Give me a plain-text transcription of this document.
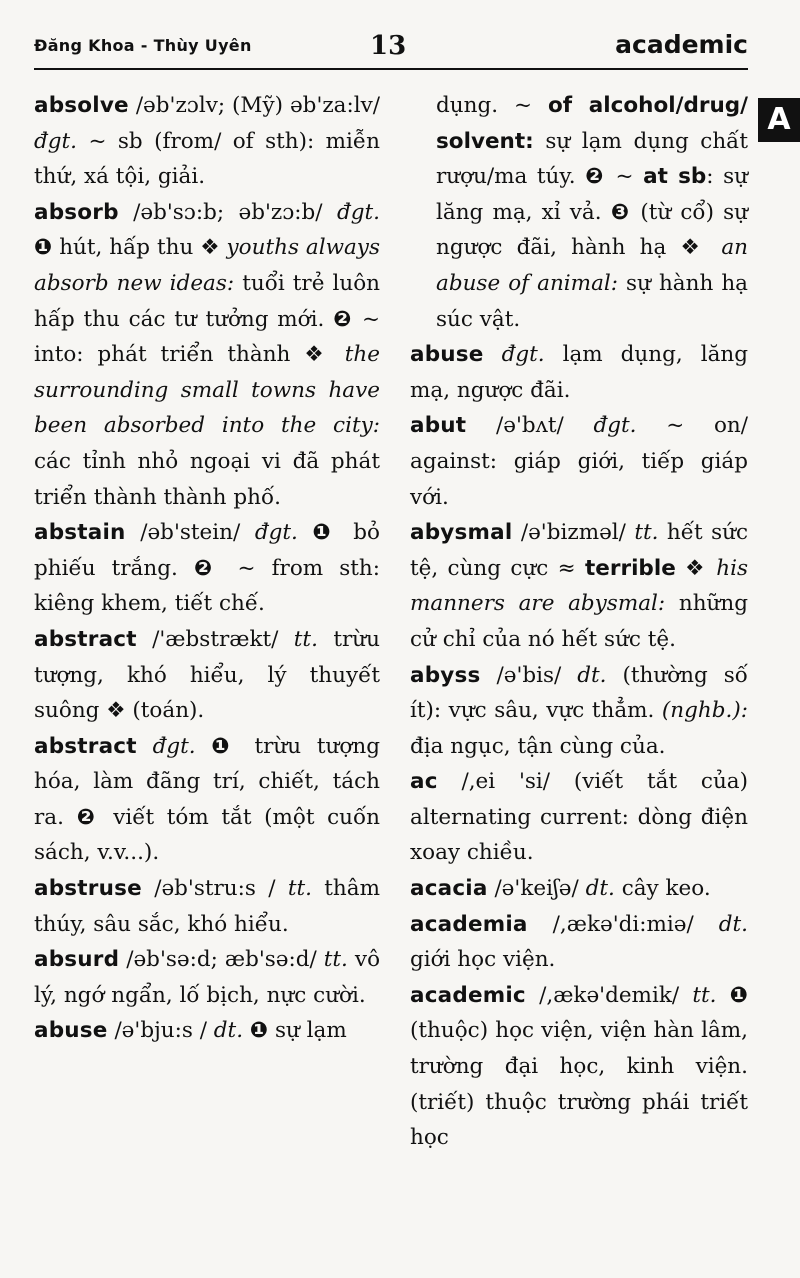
Đăng Khoa - Thùy Uyên	13	academic
A
absolve /əb'zɔlv; (Mỹ) əb'za:lv/ đgt. ~ sb (from/ of sth): miễn thứ, xá tội, giải.
absorb /əb'sɔ:b; əb'zɔ:b/ đgt. ❶ hút, hấp thu ❖ youths always absorb new ideas: tuổi trẻ luôn hấp thu các tư tưởng mới. ❷ ~ into: phát triển thành ❖ the surrounding small towns have been absorbed into the city: các tỉnh nhỏ ngoại vi đã phát triển thành thành phố.
abstain /əb'stein/ đgt. ❶ bỏ phiếu trắng. ❷ ~ from sth: kiêng khem, tiết chế.
abstract /'æbstrækt/ tt. trừu tượng, khó hiểu, lý thuyết suông ❖ (toán).
abstract đgt. ❶ trừu tượng hóa, làm đãng trí, chiết, tách ra. ❷ viết tóm tắt (một cuốn sách, v.v...).
abstruse /əb'stru:s / tt. thâm thúy, sâu sắc, khó hiểu.
absurd /əb'sə:d; æb'sə:d/ tt. vô lý, ngớ ngẩn, lố bịch, nực cười.
abuse /ə'bju:s / dt. ❶ sự lạm
dụng. ~ of alcohol/drug/ solvent: sự lạm dụng chất rượu/ma túy. ❷ ~ at sb: sự lăng mạ, xỉ vả. ❸ (từ cổ) sự ngược đãi, hành hạ ❖ an abuse of animal: sự hành hạ súc vật.
abuse đgt. lạm dụng, lăng mạ, ngược đãi.
abut /ə'bʌt/ đgt. ~ on/ against: giáp giới, tiếp giáp với.
abysmal /ə'bizməl/ tt. hết sức tệ, cùng cực ≈ terrible ❖ his manners are abysmal: những cử chỉ của nó hết sức tệ.
abyss /ə'bis/ dt. (thường số ít): vực sâu, vực thẳm. (nghb.): địa ngục, tận cùng của.
ac /,ei 'si/ (viết tắt của) alternating current: dòng điện xoay chiều.
acacia /ə'keiʃə/ dt. cây keo.
academia /,ækə'di:miə/ dt. giới học viện.
academic /,ækə'demik/ tt. ❶ (thuộc) học viện, viện hàn lâm, trường đại học, kinh viện. (triết) thuộc trường phái triết học
